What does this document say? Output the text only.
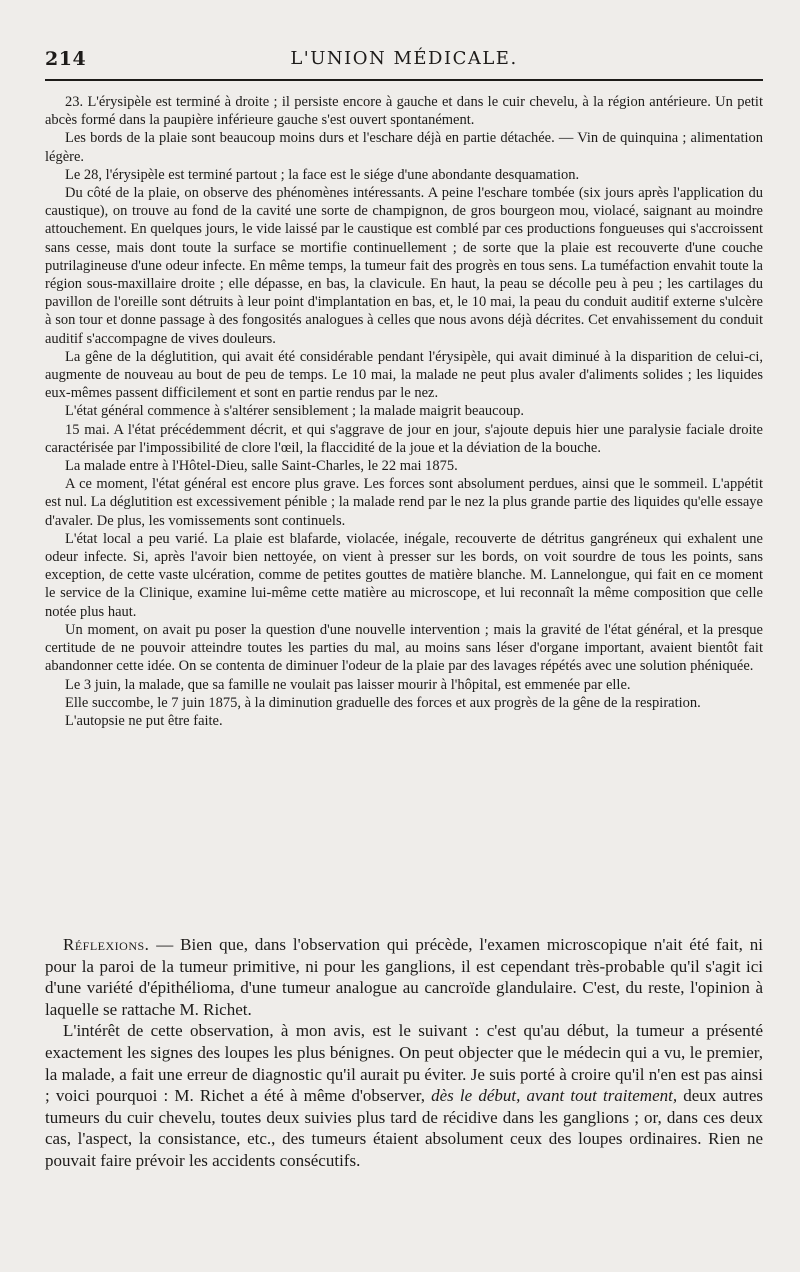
214	L'UNION MÉDICALE.

23. L'érysipèle est terminé à droite ; il persiste encore à gauche et dans le cuir chevelu, à la région antérieure. Un petit abcès formé dans la paupière inférieure gauche s'est ouvert spontanément.

Les bords de la plaie sont beaucoup moins durs et l'eschare déjà en partie détachée. — Vin de quinquina ; alimentation légère.

Le 28, l'érysipèle est terminé partout ; la face est le siége d'une abondante desquamation.

Du côté de la plaie, on observe des phénomènes intéressants. A peine l'eschare tombée (six jours après l'application du caustique), on trouve au fond de la cavité une sorte de champignon, de gros bourgeon mou, violacé, saignant au moindre attouchement. En quelques jours, le vide laissé par le caustique est comblé par ces productions fongueuses qui s'accroissent sans cesse, mais dont toute la surface se mortifie continuellement ; de sorte que la plaie est recouverte d'une couche putrilagineuse d'une odeur infecte. En même temps, la tumeur fait des progrès en tous sens. La tuméfaction envahit toute la région sous-maxillaire droite ; elle dépasse, en bas, la clavicule. En haut, la peau se décolle peu à peu ; les cartilages du pavillon de l'oreille sont détruits à leur point d'implantation en bas, et, le 10 mai, la peau du conduit auditif externe s'ulcère à son tour et donne passage à des fongosités analogues à celles que nous avons déjà décrites. Cet envahissement du conduit auditif s'accompagne de vives douleurs.

La gêne de la déglutition, qui avait été considérable pendant l'érysipèle, qui avait diminué à la disparition de celui-ci, augmente de nouveau au bout de peu de temps. Le 10 mai, la malade ne peut plus avaler d'aliments solides ; les liquides eux-mêmes passent difficilement et sont en partie rendus par le nez.

L'état général commence à s'altérer sensiblement ; la malade maigrit beaucoup.

15 mai. A l'état précédemment décrit, et qui s'aggrave de jour en jour, s'ajoute depuis hier une paralysie faciale droite caractérisée par l'impossibilité de clore l'œil, la flaccidité de la joue et la déviation de la bouche.

La malade entre à l'Hôtel-Dieu, salle Saint-Charles, le 22 mai 1875.

A ce moment, l'état général est encore plus grave. Les forces sont absolument perdues, ainsi que le sommeil. L'appétit est nul. La déglutition est excessivement pénible ; la malade rend par le nez la plus grande partie des liquides qu'elle essaye d'avaler. De plus, les vomissements sont continuels.

L'état local a peu varié. La plaie est blafarde, violacée, inégale, recouverte de détritus gangréneux qui exhalent une odeur infecte. Si, après l'avoir bien nettoyée, on vient à presser sur les bords, on voit sourdre de tous les points, sans exception, de cette vaste ulcération, comme de petites gouttes de matière blanche. M. Lannelongue, qui fait en ce moment le service de la Clinique, examine lui-même cette matière au microscope, et lui reconnaît la même composition que celle notée plus haut.

Un moment, on avait pu poser la question d'une nouvelle intervention ; mais la gravité de l'état général, et la presque certitude de ne pouvoir atteindre toutes les parties du mal, au moins sans léser d'organe important, avaient bientôt fait abandonner cette idée. On se contenta de diminuer l'odeur de la plaie par des lavages répétés avec une solution phéniquée.

Le 3 juin, la malade, que sa famille ne voulait pas laisser mourir à l'hôpital, est emmenée par elle.

Elle succombe, le 7 juin 1875, à la diminution graduelle des forces et aux progrès de la gêne de la respiration.

L'autopsie ne put être faite.

Réflexions. — Bien que, dans l'observation qui précède, l'examen microscopique n'ait été fait, ni pour la paroi de la tumeur primitive, ni pour les ganglions, il est cependant très-probable qu'il s'agit ici d'une variété d'épithélioma, d'une tumeur analogue au cancroïde glandulaire. C'est, du reste, l'opinion à laquelle se rattache M. Richet.

L'intérêt de cette observation, à mon avis, est le suivant : c'est qu'au début, la tumeur a présenté exactement les signes des loupes les plus bénignes. On peut objecter que le médecin qui a vu, le premier, la malade, a fait une erreur de diagnostic qu'il aurait pu éviter. Je suis porté à croire qu'il n'en est pas ainsi ; voici pourquoi : M. Richet a été à même d'observer, dès le début, avant tout traitement, deux autres tumeurs du cuir chevelu, toutes deux suivies plus tard de récidive dans les ganglions ; or, dans ces deux cas, l'aspect, la consistance, etc., des tumeurs étaient absolument ceux des loupes ordinaires. Rien ne pouvait faire prévoir les accidents consécutifs.
